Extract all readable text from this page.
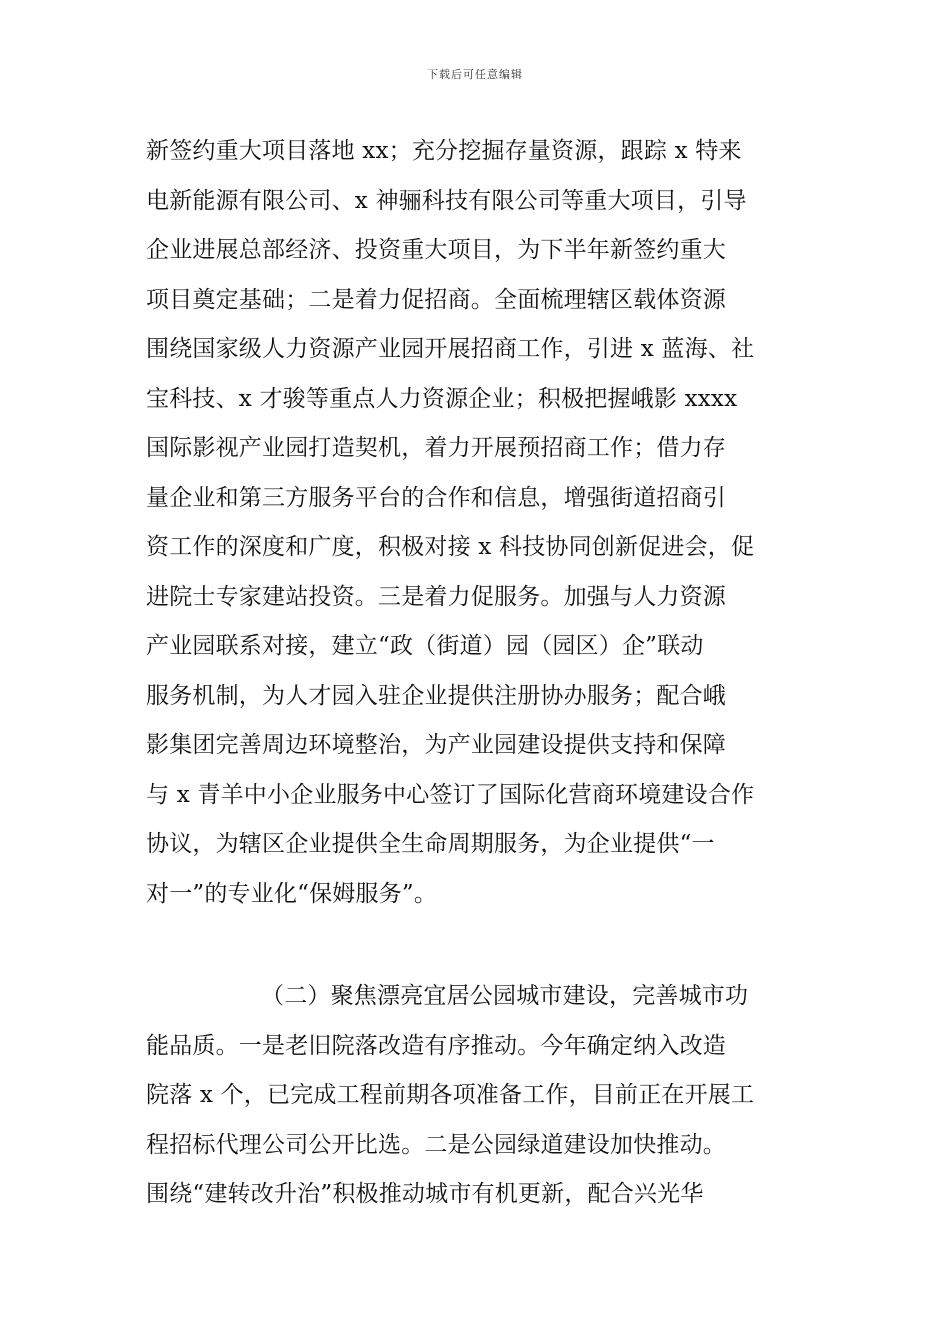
下载后可任意编辑
新签约重大项目落地 xx；充分挖掘存量资源，跟踪 x 特来
电新能源有限公司、x 神骊科技有限公司等重大项目，引导
企业进展总部经济、投资重大项目，为下半年新签约重大
项目奠定基础；二是着力促招商。全面梳理辖区载体资源
围绕国家级人力资源产业园开展招商工作，引进 x 蓝海、社
宝科技、x 才骏等重点人力资源企业；积极把握峨影 xxxx
国际影视产业园打造契机，着力开展预招商工作；借力存
量企业和第三方服务平台的合作和信息，增强街道招商引
资工作的深度和广度，积极对接 x 科技协同创新促进会，促
进院士专家建站投资。三是着力促服务。加强与人力资源
产业园联系对接，建立“政（街道）园（园区）企”联动
服务机制，为人才园入驻企业提供注册协办服务；配合峨
影集团完善周边环境整治，为产业园建设提供支持和保障
与 x 青羊中小企业服务中心签订了国际化营商环境建设合作
协议，为辖区企业提供全生命周期服务，为企业提供“一
对一”的专业化“保姆服务”。
（二）聚焦漂亮宜居公园城市建设，完善城市功
能品质。一是老旧院落改造有序推动。今年确定纳入改造
院落 x 个，已完成工程前期各项准备工作，目前正在开展工
程招标代理公司公开比选。二是公园绿道建设加快推动。
围绕“建转改升治”积极推动城市有机更新，配合兴光华
